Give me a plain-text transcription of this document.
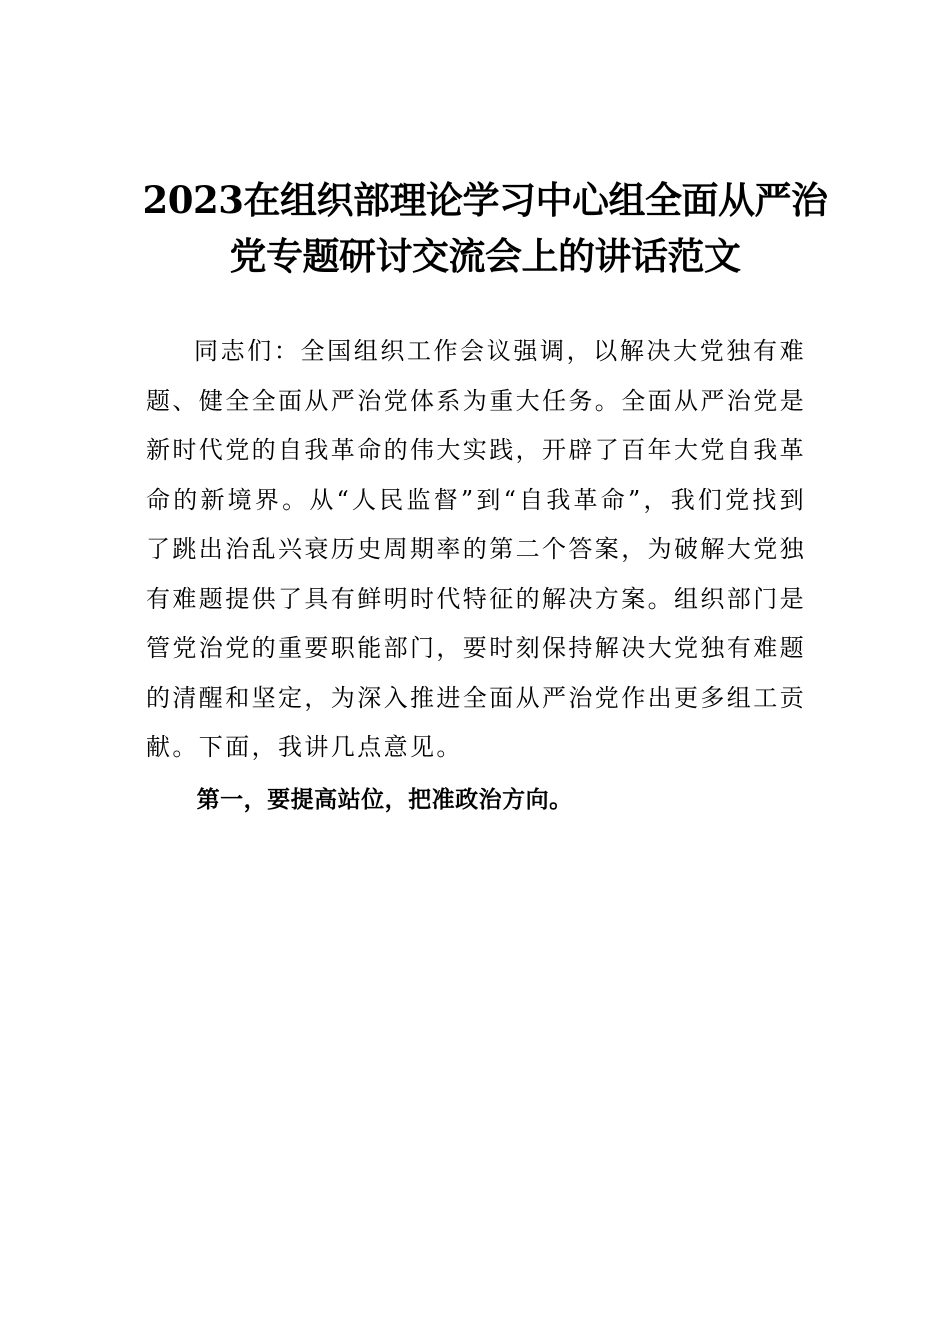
2023在组织部理论学习中心组全面从严治党专题研讨交流会上的讲话范文

同志们：全国组织工作会议强调，以解决大党独有难题、健全全面从严治党体系为重大任务。全面从严治党是新时代党的自我革命的伟大实践，开辟了百年大党自我革命的新境界。从“人民监督”到“自我革命”，我们党找到了跳出治乱兴衰历史周期率的第二个答案，为破解大党独有难题提供了具有鲜明时代特征的解决方案。组织部门是管党治党的重要职能部门，要时刻保持解决大党独有难题的清醒和坚定，为深入推进全面从严治党作出更多组工贡献。下面，我讲几点意见。

第一，要提高站位，把准政治方向。
